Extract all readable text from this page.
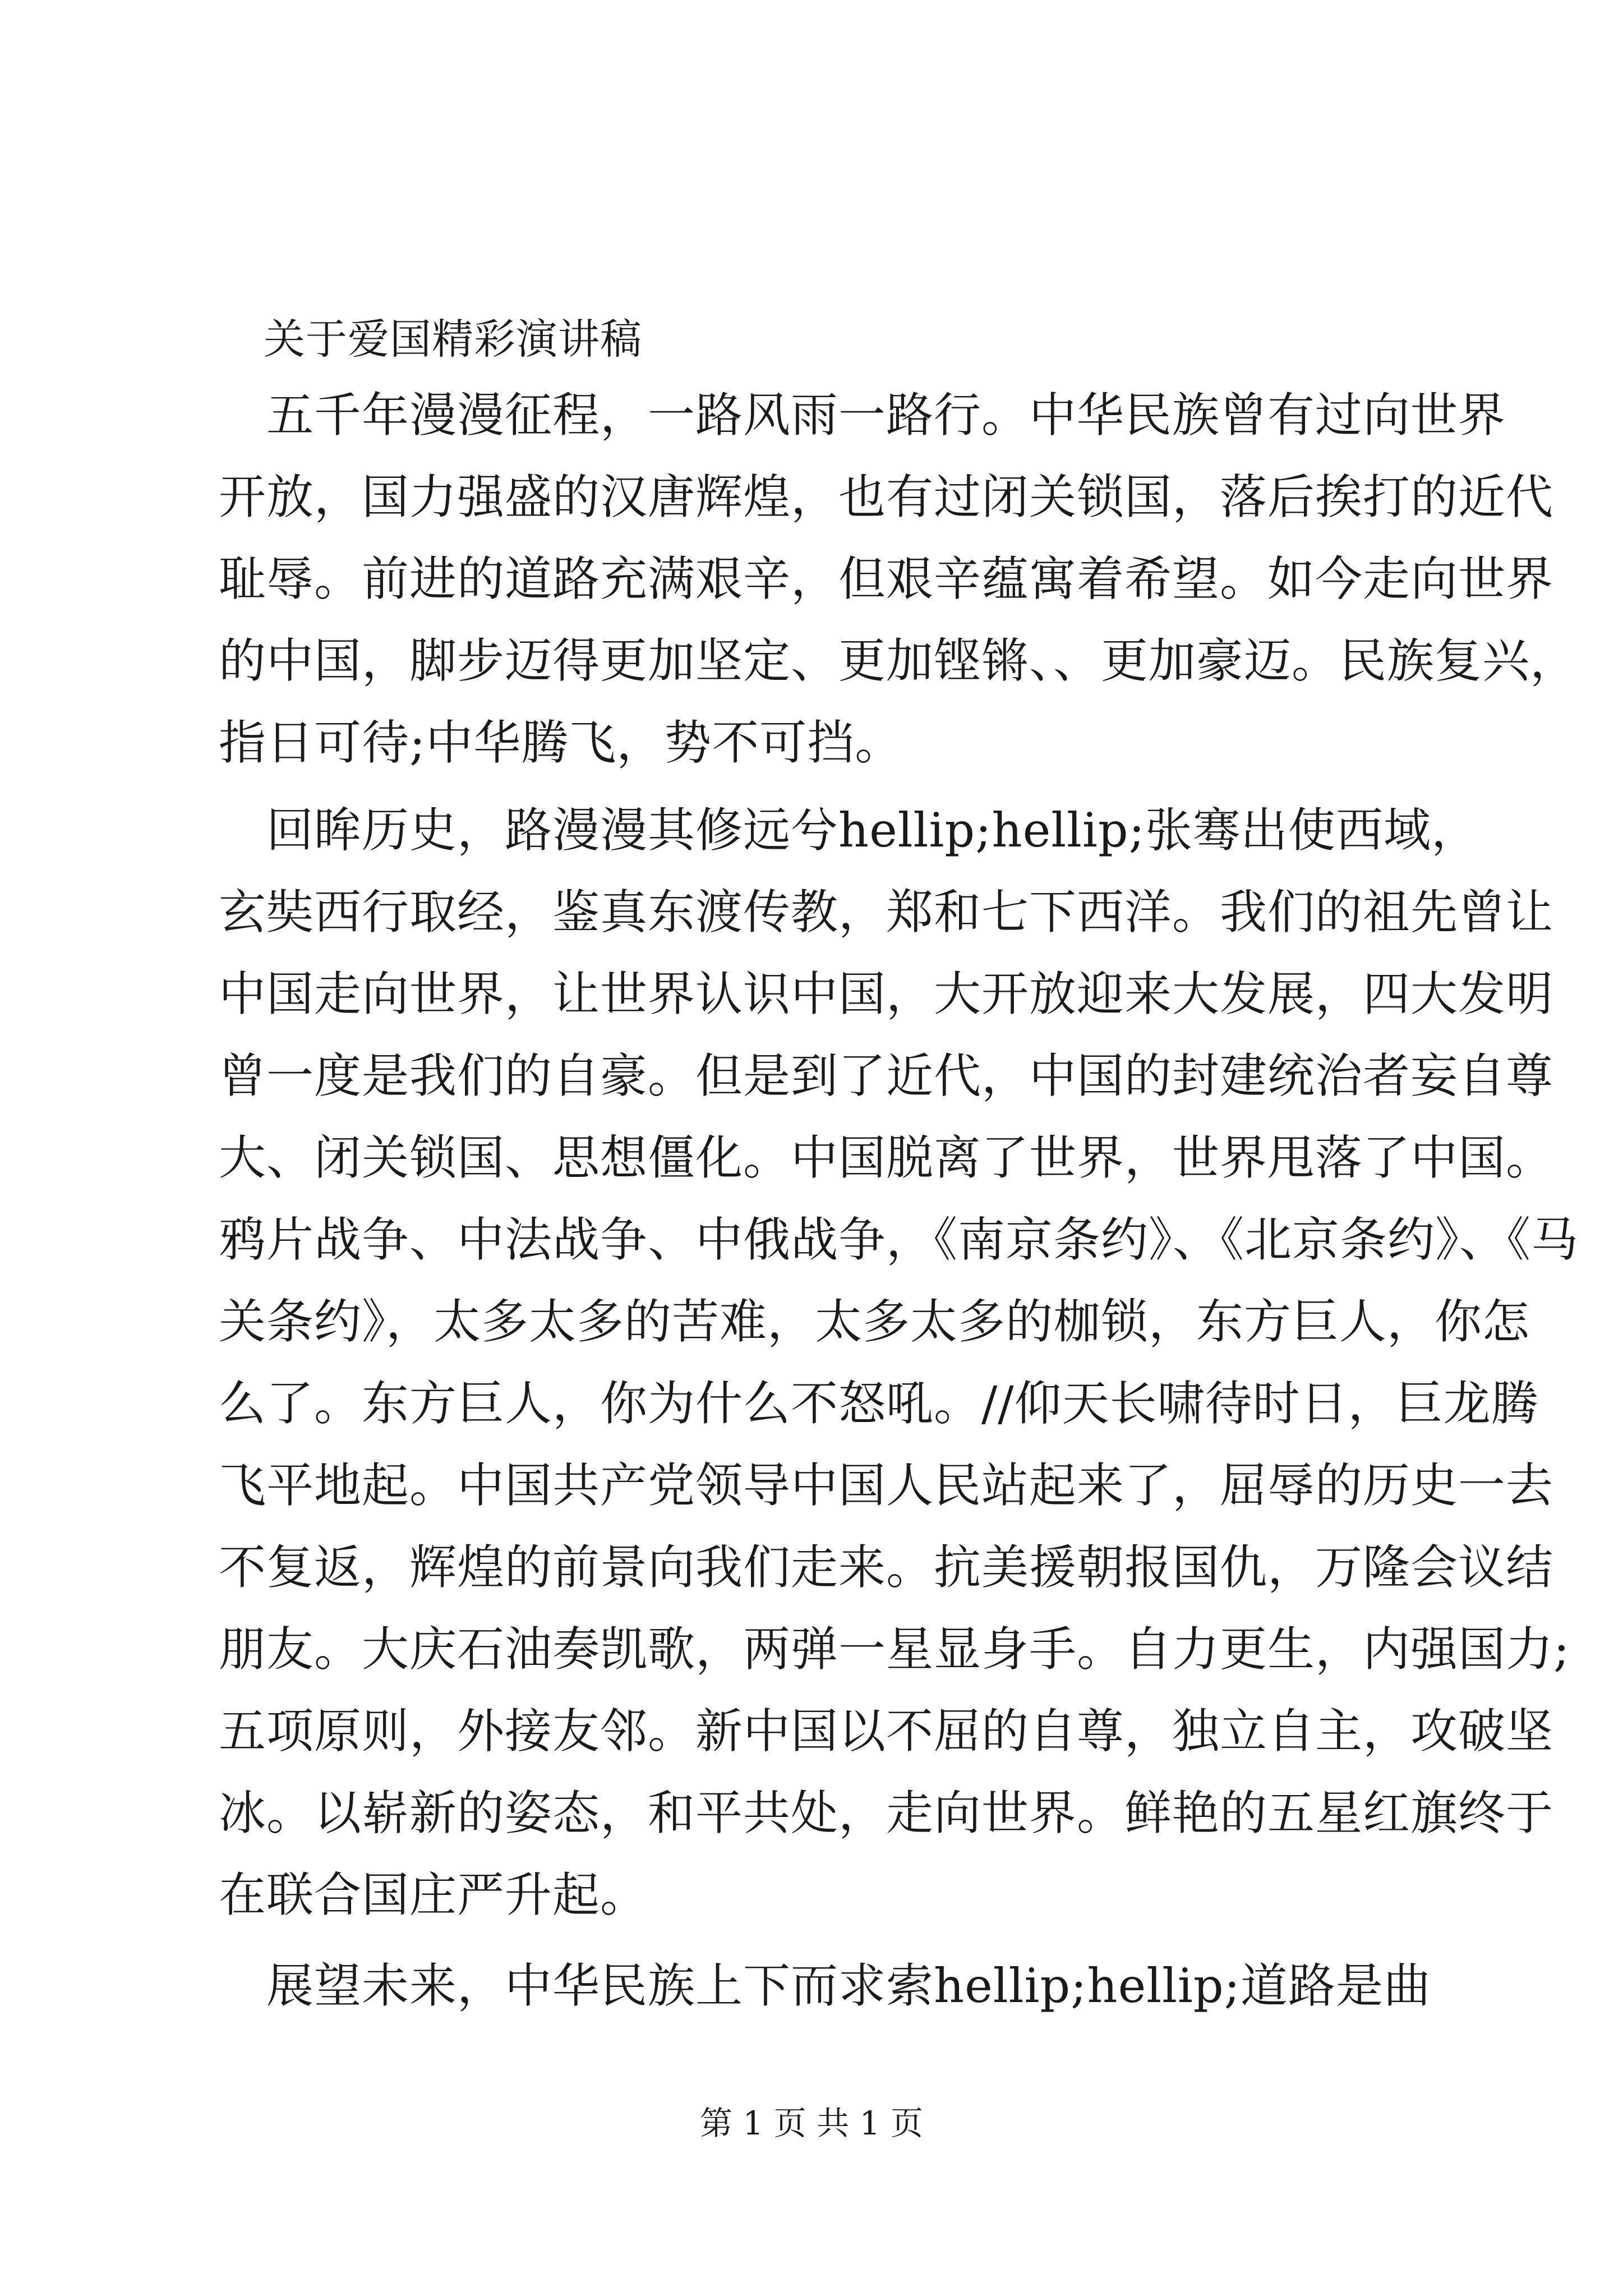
关于爱国精彩演讲稿
　五千年漫漫征程，一路风雨一路行。中华民族曾有过向世界
开放，国力强盛的汉唐辉煌，也有过闭关锁国，落后挨打的近代
耻辱。前进的道路充满艰辛，但艰辛蕴寓着希望。如今走向世界
的中国，脚步迈得更加坚定、更加铿锵、、更加豪迈。民族复兴，
指日可待;中华腾飞，势不可挡。
　回眸历史，路漫漫其修远兮hellip;hellip;张骞出使西域，
玄奘西行取经，鉴真东渡传教，郑和七下西洋。我们的祖先曾让
中国走向世界，让世界认识中国，大开放迎来大发展，四大发明
曾一度是我们的自豪。但是到了近代，中国的封建统治者妄自尊
大、闭关锁国、思想僵化。中国脱离了世界，世界甩落了中国。
鸦片战争、中法战争、中俄战争，《南京条约》、《北京条约》、《马
关条约》，太多太多的苦难，太多太多的枷锁，东方巨人，你怎
么了。东方巨人，你为什么不怒吼。//仰天长啸待时日，巨龙腾
飞平地起。中国共产党领导中国人民站起来了，屈辱的历史一去
不复返，辉煌的前景向我们走来。抗美援朝报国仇，万隆会议结
朋友。大庆石油奏凯歌，两弹一星显身手。自力更生，内强国力;
五项原则，外接友邻。新中国以不屈的自尊，独立自主，攻破坚
冰。以崭新的姿态，和平共处，走向世界。鲜艳的五星红旗终于
在联合国庄严升起。
　展望未来，中华民族上下而求索hellip;hellip;道路是曲
第 1 页 共 1 页
